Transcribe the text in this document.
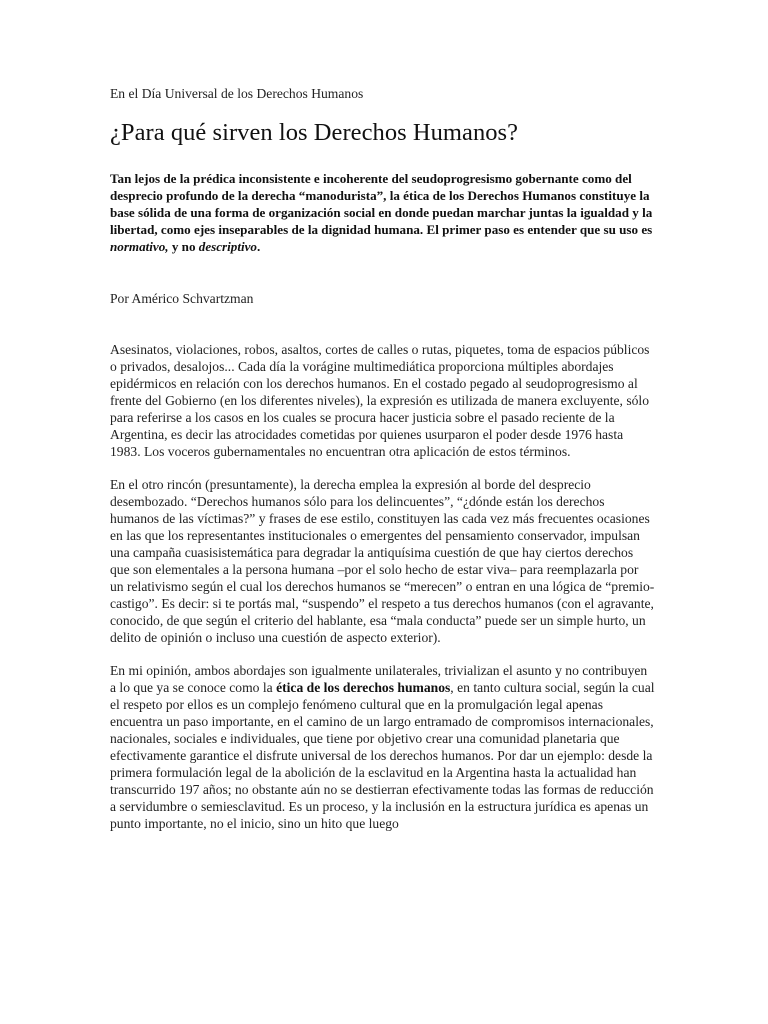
En el Día Universal de los Derechos Humanos

¿Para qué sirven los Derechos Humanos?

Tan lejos de la prédica inconsistente e incoherente del seudoprogresismo gobernante como del desprecio profundo de la derecha “manodurista”, la ética de los Derechos Humanos constituye la base sólida de una forma de organización social en donde puedan marchar juntas la igualdad y la libertad, como ejes inseparables de la dignidad humana. El primer paso es entender que su uso es normativo, y no descriptivo.

Por Américo Schvartzman

Asesinatos, violaciones, robos, asaltos, cortes de calles o rutas, piquetes, toma de espacios públicos o privados, desalojos... Cada día la vorágine multimediática proporciona múltiples abordajes epidérmicos en relación con los derechos humanos. En el costado pegado al seudoprogresismo al frente del Gobierno (en los diferentes niveles), la expresión es utilizada de manera excluyente, sólo para referirse a los casos en los cuales se procura hacer justicia sobre el pasado reciente de la Argentina, es decir las atrocidades cometidas por quienes usurparon el poder desde 1976 hasta 1983. Los voceros gubernamentales no encuentran otra aplicación de estos términos.

En el otro rincón (presuntamente), la derecha emplea la expresión al borde del desprecio desembozado. “Derechos humanos sólo para los delincuentes”, “¿dónde están los derechos humanos de las víctimas?” y frases de ese estilo, constituyen las cada vez más frecuentes ocasiones en las que los representantes institucionales o emergentes del pensamiento conservador, impulsan una campaña cuasisistemática para degradar la antiquísima cuestión de que hay ciertos derechos que son elementales a la persona humana –por el solo hecho de estar viva– para reemplazarla por un relativismo según el cual los derechos humanos se “merecen” o entran en una lógica de “premio-castigo”. Es decir: si te portás mal, “suspendo” el respeto a tus derechos humanos (con el agravante, conocido, de que según el criterio del hablante, esa “mala conducta” puede ser un simple hurto, un delito de opinión o incluso una cuestión de aspecto exterior).

En mi opinión, ambos abordajes son igualmente unilaterales, trivializan el asunto y no contribuyen a lo que ya se conoce como la ética de los derechos humanos, en tanto cultura social, según la cual el respeto por ellos es un complejo fenómeno cultural que en la promulgación legal apenas encuentra un paso importante, en el camino de un largo entramado de compromisos internacionales, nacionales, sociales e individuales, que tiene por objetivo crear una comunidad planetaria que efectivamente garantice el disfrute universal de los derechos humanos. Por dar un ejemplo: desde la primera formulación legal de la abolición de la esclavitud en la Argentina hasta la actualidad han transcurrido 197 años; no obstante aún no se destierran efectivamente todas las formas de reducción a servidumbre o semiesclavitud. Es un proceso, y la inclusión en la estructura jurídica es apenas un punto importante, no el inicio, sino un hito que luego
